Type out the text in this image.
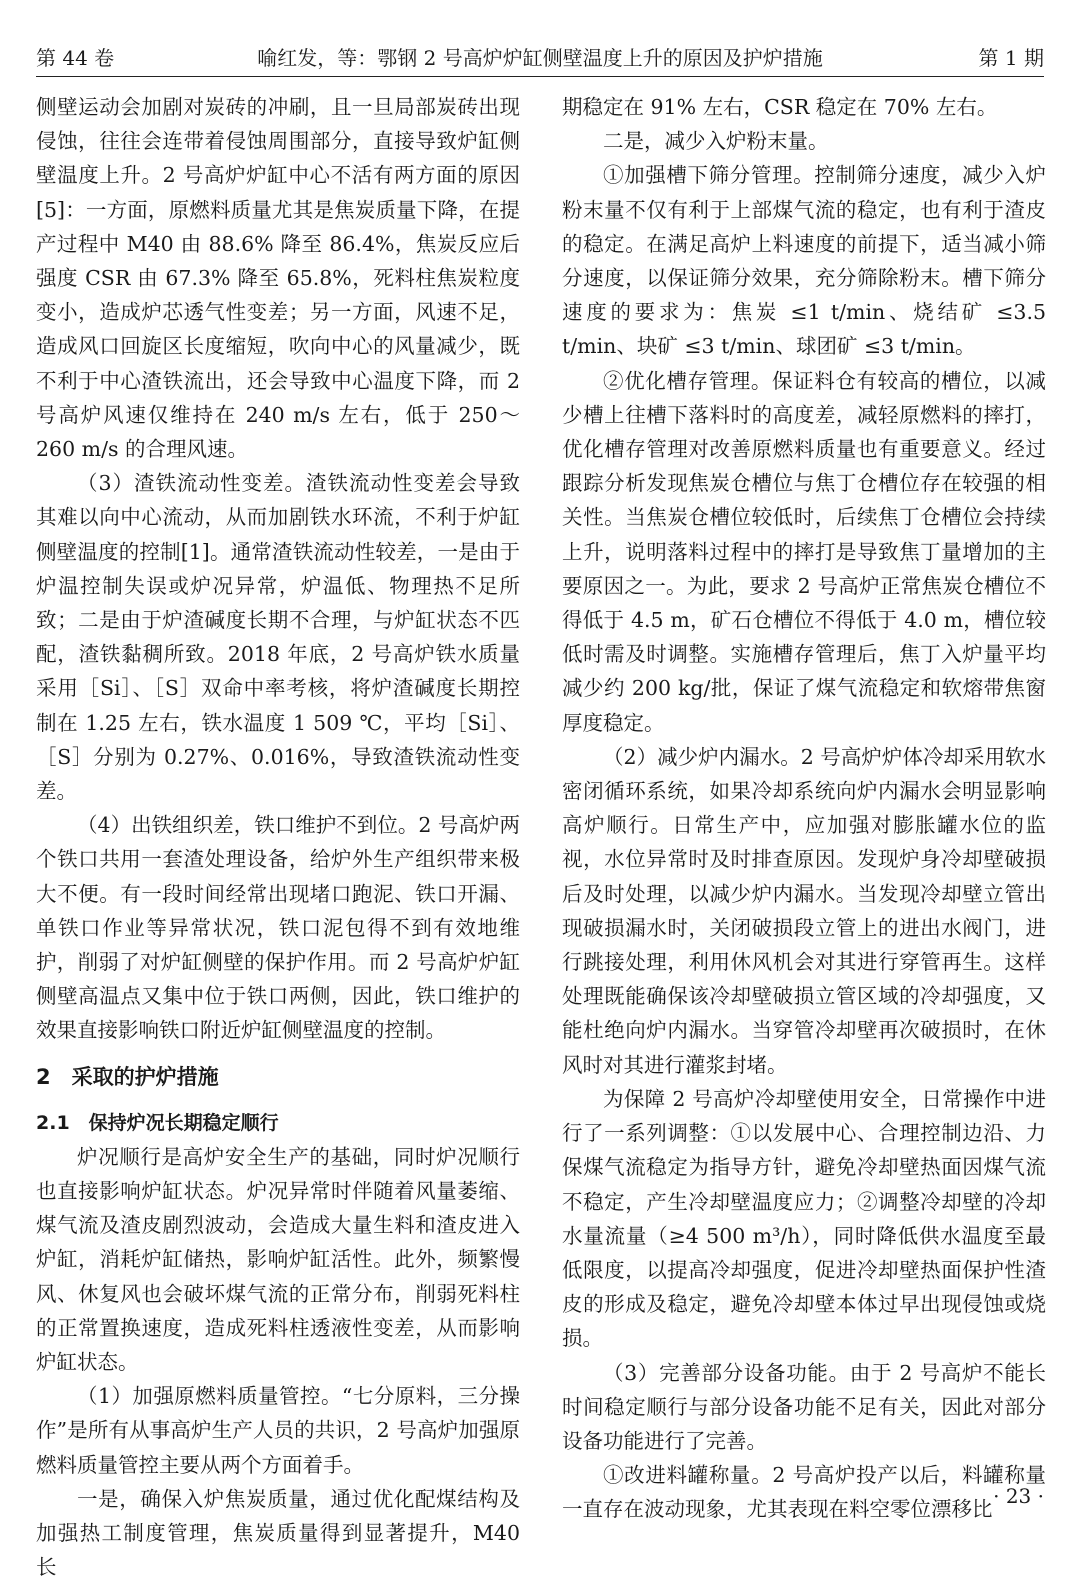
第 44 卷	喻红发，等：鄂钢 2 号高炉炉缸侧壁温度上升的原因及护炉措施	第 1 期

侧壁运动会加剧对炭砖的冲刷，且一旦局部炭砖出现侵蚀，往往会连带着侵蚀周围部分，直接导致炉缸侧壁温度上升。2 号高炉炉缸中心不活有两方面的原因[5]：一方面，原燃料质量尤其是焦炭质量下降，在提产过程中 M40 由 88.6% 降至 86.4%，焦炭反应后强度 CSR 由 67.3% 降至 65.8%，死料柱焦炭粒度变小，造成炉芯透气性变差；另一方面，风速不足，造成风口回旋区长度缩短，吹向中心的风量减少，既不利于中心渣铁流出，还会导致中心温度下降，而 2 号高炉风速仅维持在 240 m/s 左右，低于 250～260 m/s 的合理风速。

（3）渣铁流动性变差。渣铁流动性变差会导致其难以向中心流动，从而加剧铁水环流，不利于炉缸侧壁温度的控制[1]。通常渣铁流动性较差，一是由于炉温控制失误或炉况异常，炉温低、物理热不足所致；二是由于炉渣碱度长期不合理，与炉缸状态不匹配，渣铁黏稠所致。2018 年底，2 号高炉铁水质量采用［Si］、［S］双命中率考核，将炉渣碱度长期控制在 1.25 左右，铁水温度 1 509 ℃，平均［Si］、［S］分别为 0.27%、0.016%，导致渣铁流动性变差。

（4）出铁组织差，铁口维护不到位。2 号高炉两个铁口共用一套渣处理设备，给炉外生产组织带来极大不便。有一段时间经常出现堵口跑泥、铁口开漏、单铁口作业等异常状况，铁口泥包得不到有效地维护，削弱了对炉缸侧壁的保护作用。而 2 号高炉炉缸侧壁高温点又集中位于铁口两侧，因此，铁口维护的效果直接影响铁口附近炉缸侧壁温度的控制。

2　采取的护炉措施
2.1　保持炉况长期稳定顺行

炉况顺行是高炉安全生产的基础，同时炉况顺行也直接影响炉缸状态。炉况异常时伴随着风量萎缩、煤气流及渣皮剧烈波动，会造成大量生料和渣皮进入炉缸，消耗炉缸储热，影响炉缸活性。此外，频繁慢风、休复风也会破坏煤气流的正常分布，削弱死料柱的正常置换速度，造成死料柱透液性变差，从而影响炉缸状态。

（1）加强原燃料质量管控。“七分原料，三分操作”是所有从事高炉生产人员的共识，2 号高炉加强原燃料质量管控主要从两个方面着手。

一是，确保入炉焦炭质量，通过优化配煤结构及加强热工制度管理，焦炭质量得到显著提升，M40 长

期稳定在 91% 左右，CSR 稳定在 70% 左右。

二是，减少入炉粉末量。

①加强槽下筛分管理。控制筛分速度，减少入炉粉末量不仅有利于上部煤气流的稳定，也有利于渣皮的稳定。在满足高炉上料速度的前提下，适当减小筛分速度，以保证筛分效果，充分筛除粉末。槽下筛分速度的要求为：焦炭 ≤1 t/min、烧结矿 ≤3.5 t/min、块矿 ≤3 t/min、球团矿 ≤3 t/min。

②优化槽存管理。保证料仓有较高的槽位，以减少槽上往槽下落料时的高度差，减轻原燃料的摔打，优化槽存管理对改善原燃料质量也有重要意义。经过跟踪分析发现焦炭仓槽位与焦丁仓槽位存在较强的相关性。当焦炭仓槽位较低时，后续焦丁仓槽位会持续上升，说明落料过程中的摔打是导致焦丁量增加的主要原因之一。为此，要求 2 号高炉正常焦炭仓槽位不得低于 4.5 m，矿石仓槽位不得低于 4.0 m，槽位较低时需及时调整。实施槽存管理后，焦丁入炉量平均减少约 200 kg/批，保证了煤气流稳定和软熔带焦窗厚度稳定。

（2）减少炉内漏水。2 号高炉炉体冷却采用软水密闭循环系统，如果冷却系统向炉内漏水会明显影响高炉顺行。日常生产中，应加强对膨胀罐水位的监视，水位异常时及时排查原因。发现炉身冷却壁破损后及时处理，以减少炉内漏水。当发现冷却壁立管出现破损漏水时，关闭破损段立管上的进出水阀门，进行跳接处理，利用休风机会对其进行穿管再生。这样处理既能确保该冷却壁破损立管区域的冷却强度，又能杜绝向炉内漏水。当穿管冷却壁再次破损时，在休风时对其进行灌浆封堵。

为保障 2 号高炉冷却壁使用安全，日常操作中进行了一系列调整：①以发展中心、合理控制边沿、力保煤气流稳定为指导方针，避免冷却壁热面因煤气流不稳定，产生冷却壁温度应力；②调整冷却壁的冷却水量流量（≥4 500 m³/h），同时降低供水温度至最低限度，以提高冷却强度，促进冷却壁热面保护性渣皮的形成及稳定，避免冷却壁本体过早出现侵蚀或烧损。

（3）完善部分设备功能。由于 2 号高炉不能长时间稳定顺行与部分设备功能不足有关，因此对部分设备功能进行了完善。

①改进料罐称量。2 号高炉投产以后，料罐称量一直存在波动现象，尤其表现在料空零位漂移比

· 23 ·
